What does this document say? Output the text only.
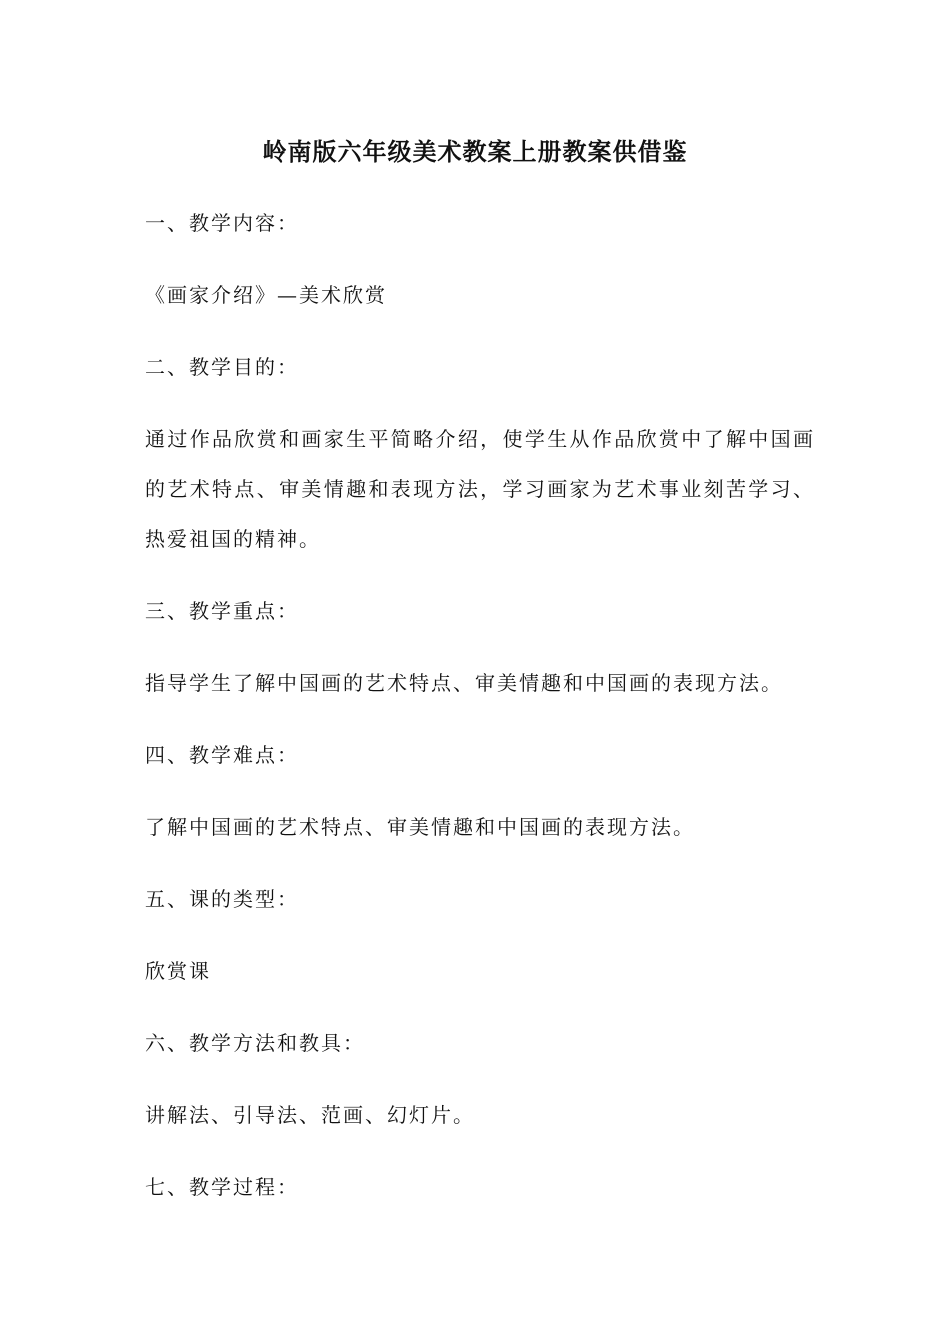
岭南版六年级美术教案上册教案供借鉴

一、教学内容：

《画家介绍》—美术欣赏

二、教学目的：

通过作品欣赏和画家生平简略介绍，使学生从作品欣赏中了解中国画的艺术特点、审美情趣和表现方法，学习画家为艺术事业刻苦学习、热爱祖国的精神。

三、教学重点：

指导学生了解中国画的艺术特点、审美情趣和中国画的表现方法。

四、教学难点：

了解中国画的艺术特点、审美情趣和中国画的表现方法。

五、课的类型：

欣赏课

六、教学方法和教具：

讲解法、引导法、范画、幻灯片。

七、教学过程：
